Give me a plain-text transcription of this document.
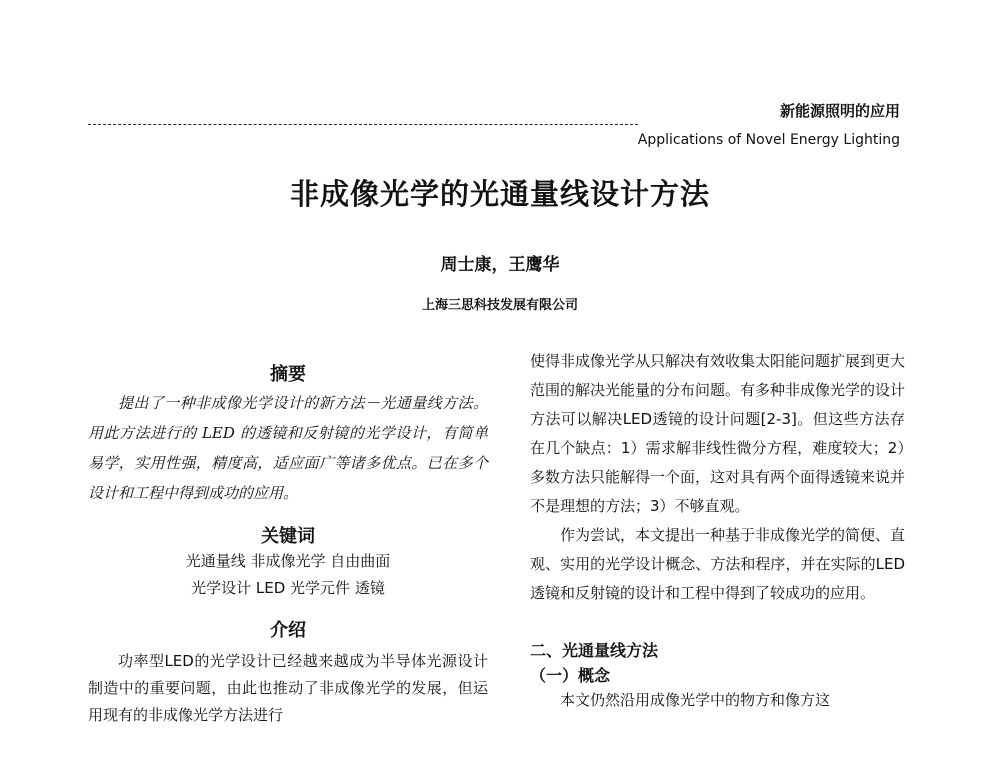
新能源照明的应用
Applications of Novel Energy Lighting
非成像光学的光通量线设计方法
周士康，王鹰华
上海三思科技发展有限公司

摘要

提出了一种非成像光学设计的新方法－光通量线方法。用此方法进行的 LED 的透镜和反射镜的光学设计，有简单易学，实用性强，精度高，适应面广等诸多优点。已在多个设计和工程中得到成功的应用。

关键词

光通量线 非成像光学 自由曲面

光学设计 LED 光学元件 透镜

介绍

功率型LED的光学设计已经越来越成为半导体光源设计制造中的重要问题，由此也推动了非成像光学的发展，但运用现有的非成像光学方法进行

使得非成像光学从只解决有效收集太阳能问题扩展到更大范围的解决光能量的分布问题。有多种非成像光学的设计方法可以解决LED透镜的设计问题[2-3]。但这些方法存在几个缺点：1）需求解非线性微分方程，难度较大；2）多数方法只能解得一个面，这对具有两个面得透镜来说并不是理想的方法；3）不够直观。

作为尝试，本文提出一种基于非成像光学的简便、直观、实用的光学设计概念、方法和程序，并在实际的LED透镜和反射镜的设计和工程中得到了较成功的应用。

二、光通量线方法

（一）概念

本文仍然沿用成像光学中的物方和像方这
